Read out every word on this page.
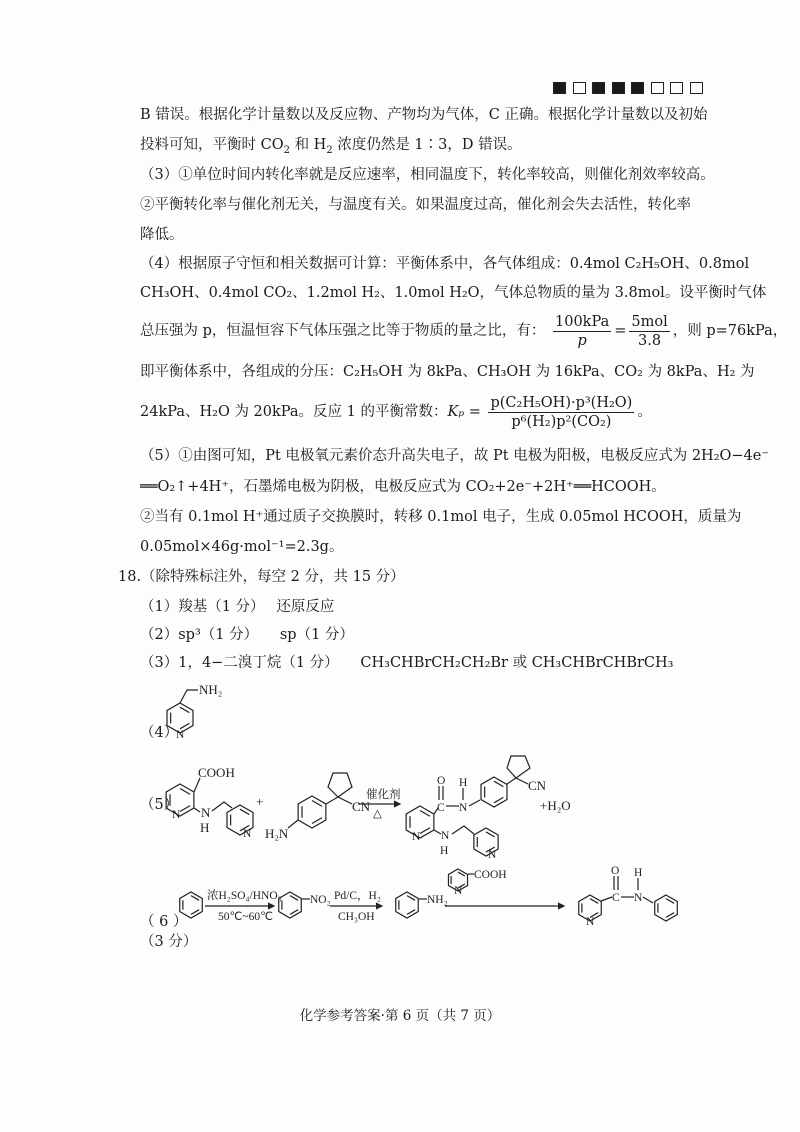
B 错误。根据化学计量数以及反应物、产物均为气体，C 正确。根据化学计量数以及初始
投料可知，平衡时 $CO_2$ 和 $H_2$ 浓度仍然是 1∶3，D 错误。
（3）①单位时间内转化率就是反应速率，相同温度下，转化率较高，则催化剂效率较高。
②平衡转化率与催化剂无关，与温度有关。如果温度过高，催化剂会失去活性，转化率
降低。
（4）根据原子守恒和相关数据可计算：平衡体系中，各气体组成：0.4mol C₂H₅OH、0.8mol
CH₃OH、0.4mol CO₂、1.2mol H₂、1.0mol H₂O，气体总物质的量为 3.8mol。设平衡时气体
总压强为 p，恒温恒容下气体压强之比等于物质的量之比，有： $\frac{\text{100kPa}}{p} = \frac{\text{5mol}}{3.8}$ ，则 p=76kPa，
即平衡体系中，各组成的分压：C₂H₅OH 为 8kPa、CH₃OH 为 16kPa、CO₂ 为 8kPa、H₂ 为
24kPa、H₂O 为 20kPa。反应 1 的平衡常数：$K_p = \frac{\text{p(C₂H₅OH)·p³(H₂O)}}{\text{p⁶(H₂)p²(CO₂)}}$ 。
（5）①由图可知，Pt 电极氧元素价态升高失电子，故 Pt 电极为阳极，电极反应式为 2H₂O−4e⁻
══O₂↑+4H⁺，石墨烯电极为阴极，电极反应式为 CO₂+2e⁻+2H⁺══HCOOH。
②当有 0.1mol H⁺通过质子交换膜时，转移 0.1mol 电子，生成 0.05mol HCOOH，质量为
0.05mol×46g·mol⁻¹=2.3g。
18.（除特殊标注外，每空 2 分，共 15 分）
（1）羧基（1 分）　 还原反应
（2）sp³（1 分）　　sp（1 分）
（3）1，4−二溴丁烷（1 分）　　CH₃CHBrCH₂CH₂Br 或 CH₃CHBrCHBrCH₃
（4）
（5）
（ 6 ）
（3 分）
NH₂
N
COOH
N N
H	N
+
H₂N
CN
催化剂
△
N
C
O
N
H	CN
N
H	N
+H₂O
浓H₂SO₄/HNO₃
50℃~60℃
NO₂ Pd/C，H₂
CH₃OH
NH₂
N
COOH
N
C
O
N
H
化学参考答案·第 6 页（共 7 页）
